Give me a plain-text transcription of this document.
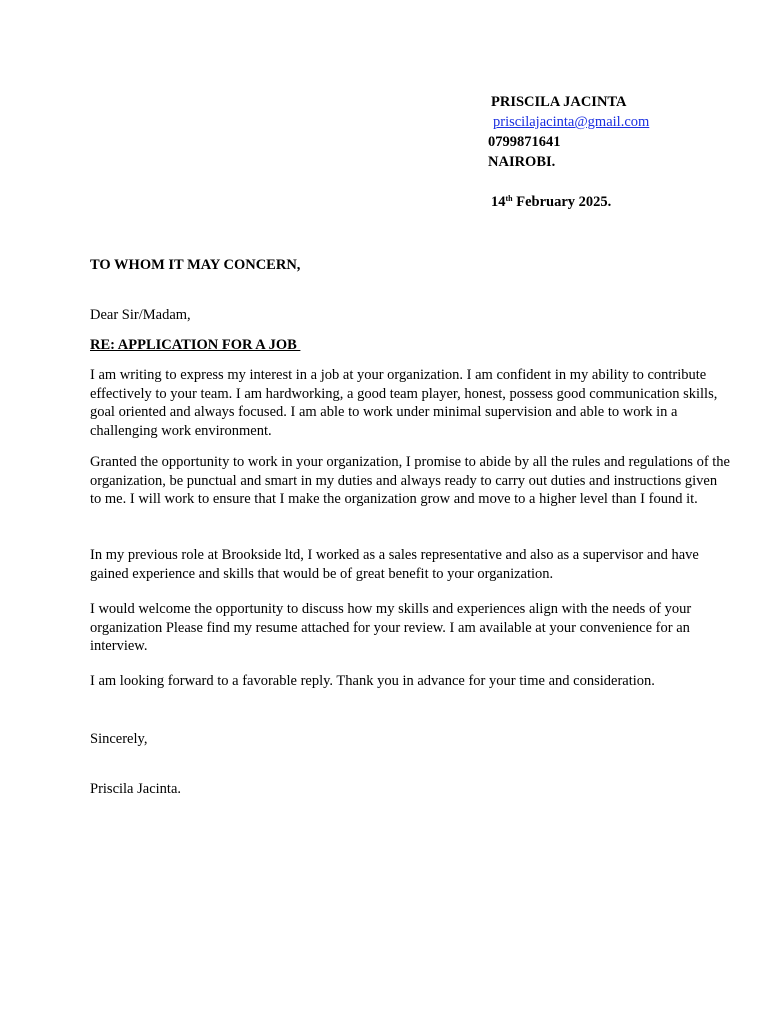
PRISCILA JACINTA
priscilajacinta@gmail.com
0799871641
NAIROBI.
14th February 2025.
TO WHOM IT MAY CONCERN,
Dear Sir/Madam,
RE: APPLICATION FOR A JOB

I am writing to express my interest in a job at your organization. I am confident in my ability to contribute effectively to your team. I am hardworking, a good team player, honest, possess good communication skills, goal oriented and always focused. I am able to work under minimal supervision and able to work in a challenging work environment.

Granted the opportunity to work in your organization, I promise to abide by all the rules and regulations of the organization, be punctual and smart in my duties and always ready to carry out duties and instructions given to me. I will work to ensure that I make the organization grow and move to a higher level than I found it.

In my previous role at Brookside ltd, I worked as a sales representative and also as a supervisor and have gained experience and skills that would be of great benefit to your organization.

I would welcome the opportunity to discuss how my skills and experiences align with the needs of your organization Please find my resume attached for your review. I am available at your convenience for an interview.

I am looking forward to a favorable reply. Thank you in advance for your time and consideration.

Sincerely,
Priscila Jacinta.
